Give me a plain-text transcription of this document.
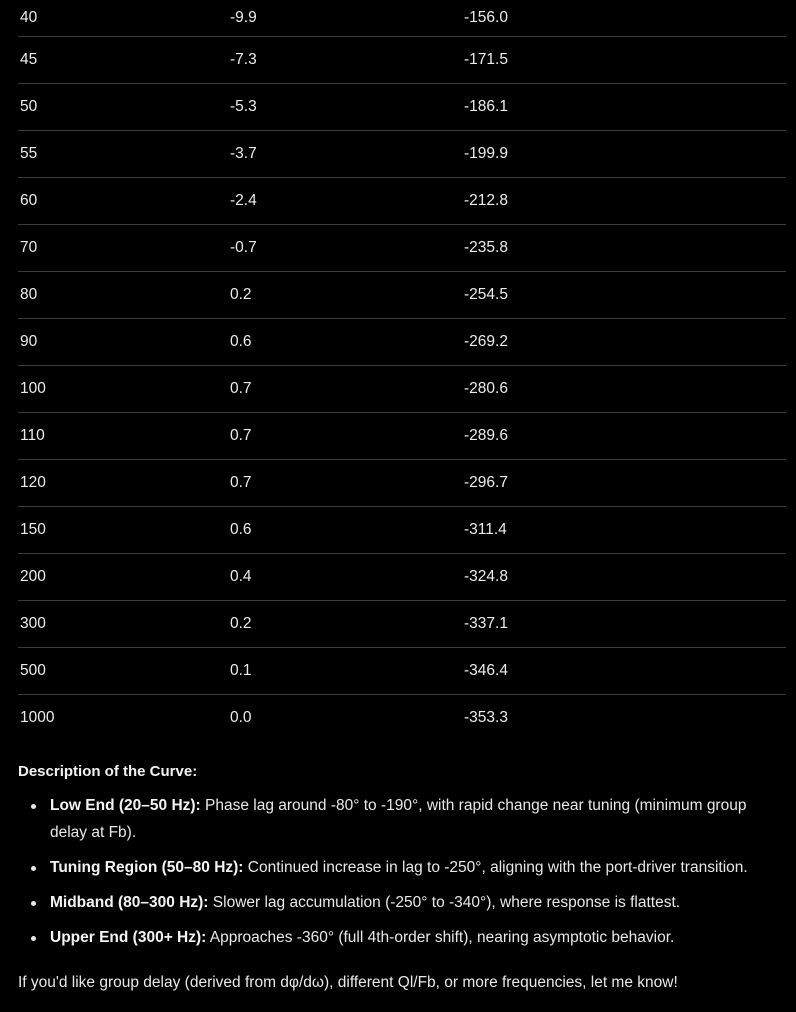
40	-9.9	-156.0
45	-7.3	-171.5
50	-5.3	-186.1
55	-3.7	-199.9
60	-2.4	-212.8
70	-0.7	-235.8
80	0.2	-254.5
90	0.6	-269.2
100	0.7	-280.6
110	0.7	-289.6
120	0.7	-296.7
150	0.6	-311.4
200	0.4	-324.8
300	0.2	-337.1
500	0.1	-346.4
1000	0.0	-353.3
Description of the Curve:
Low End (20–50 Hz): Phase lag around -80° to -190°, with rapid change near tuning (minimum group delay at Fb).
Tuning Region (50–80 Hz): Continued increase in lag to -250°, aligning with the port-driver transition.
Midband (80–300 Hz): Slower lag accumulation (-250° to -340°), where response is flattest.
Upper End (300+ Hz): Approaches -360° (full 4th-order shift), nearing asymptotic behavior.
If you'd like group delay (derived from dφ/dω), different Ql/Fb, or more frequencies, let me know!
